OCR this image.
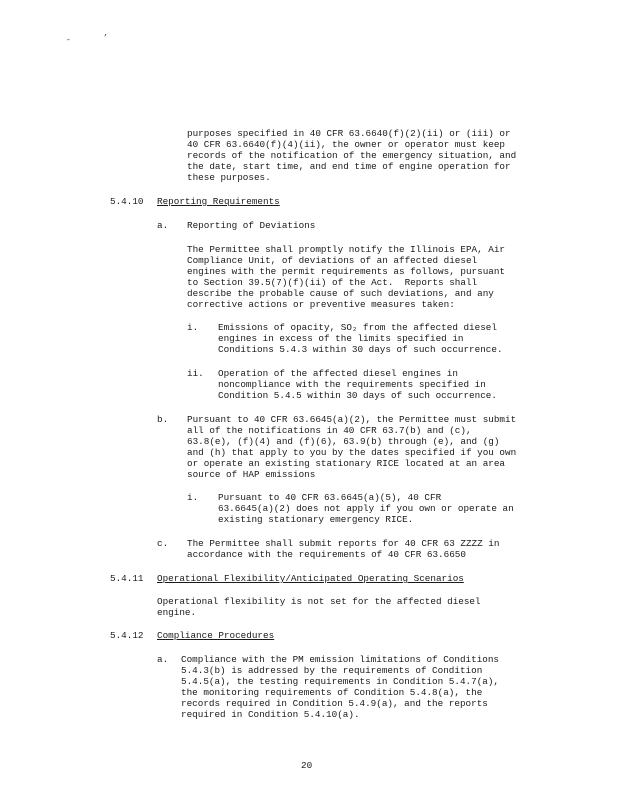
-	’
purposes specified in 40 CFR 63.6640(f)(2)(ii) or (iii) or
40 CFR 63.6640(f)(4)(ii), the owner or operator must keep
records of the notification of the emergency situation, and
the date, start time, and end time of engine operation for
these purposes.
5.4.10 Reporting Requirements
a. Reporting of Deviations
The Permittee shall promptly notify the Illinois EPA, Air
Compliance Unit, of deviations of an affected diesel
engines with the permit requirements as follows, pursuant
to Section 39.5(7)(f)(ii) of the Act.  Reports shall
describe the probable cause of such deviations, and any
corrective actions or preventive measures taken:
i. Emissions of opacity, SO₂ from the affected diesel
engines in excess of the limits specified in
Conditions 5.4.3 within 30 days of such occurrence.
ii. Operation of the affected diesel engines in
noncompliance with the requirements specified in
Condition 5.4.5 within 30 days of such occurrence.
b. Pursuant to 40 CFR 63.6645(a)(2), the Permittee must submit
all of the notifications in 40 CFR 63.7(b) and (c),
63.8(e), (f)(4) and (f)(6), 63.9(b) through (e), and (g)
and (h) that apply to you by the dates specified if you own
or operate an existing stationary RICE located at an area
source of HAP emissions
i. Pursuant to 40 CFR 63.6645(a)(5), 40 CFR
63.6645(a)(2) does not apply if you own or operate an
existing stationary emergency RICE.
c. The Permittee shall submit reports for 40 CFR 63 ZZZZ in
accordance with the requirements of 40 CFR 63.6650
5.4.11 Operational Flexibility/Anticipated Operating Scenarios
Operational flexibility is not set for the affected diesel
engine.
5.4.12 Compliance Procedures
a. Compliance with the PM emission limitations of Conditions
5.4.3(b) is addressed by the requirements of Condition
5.4.5(a), the testing requirements in Condition 5.4.7(a),
the monitoring requirements of Condition 5.4.8(a), the
records required in Condition 5.4.9(a), and the reports
required in Condition 5.4.10(a).
20
